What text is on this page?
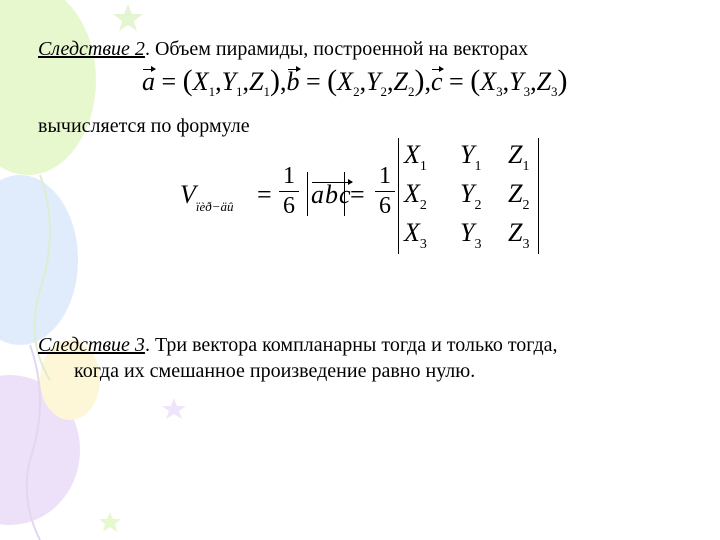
Следствие 2. Объем пирамиды, построенной на векторах
$a = (X_1,Y_1,Z_1),b = (X_2,Y_2,Z_2),c = (X_3,Y_3,Z_3)$
вычисляется по формуле
$V_{ïèð-äû}$ =
1
6 abc
=
1
6
$X_1$ $Y_1$ $Z_1$
$X_2$ $Y_2$ $Z_2$
$X_3$ $Y_3$ $Z_3$
Следствие 3. Три вектора компланарны тогда и только тогда,
когда их смешанное произведение равно нулю.
